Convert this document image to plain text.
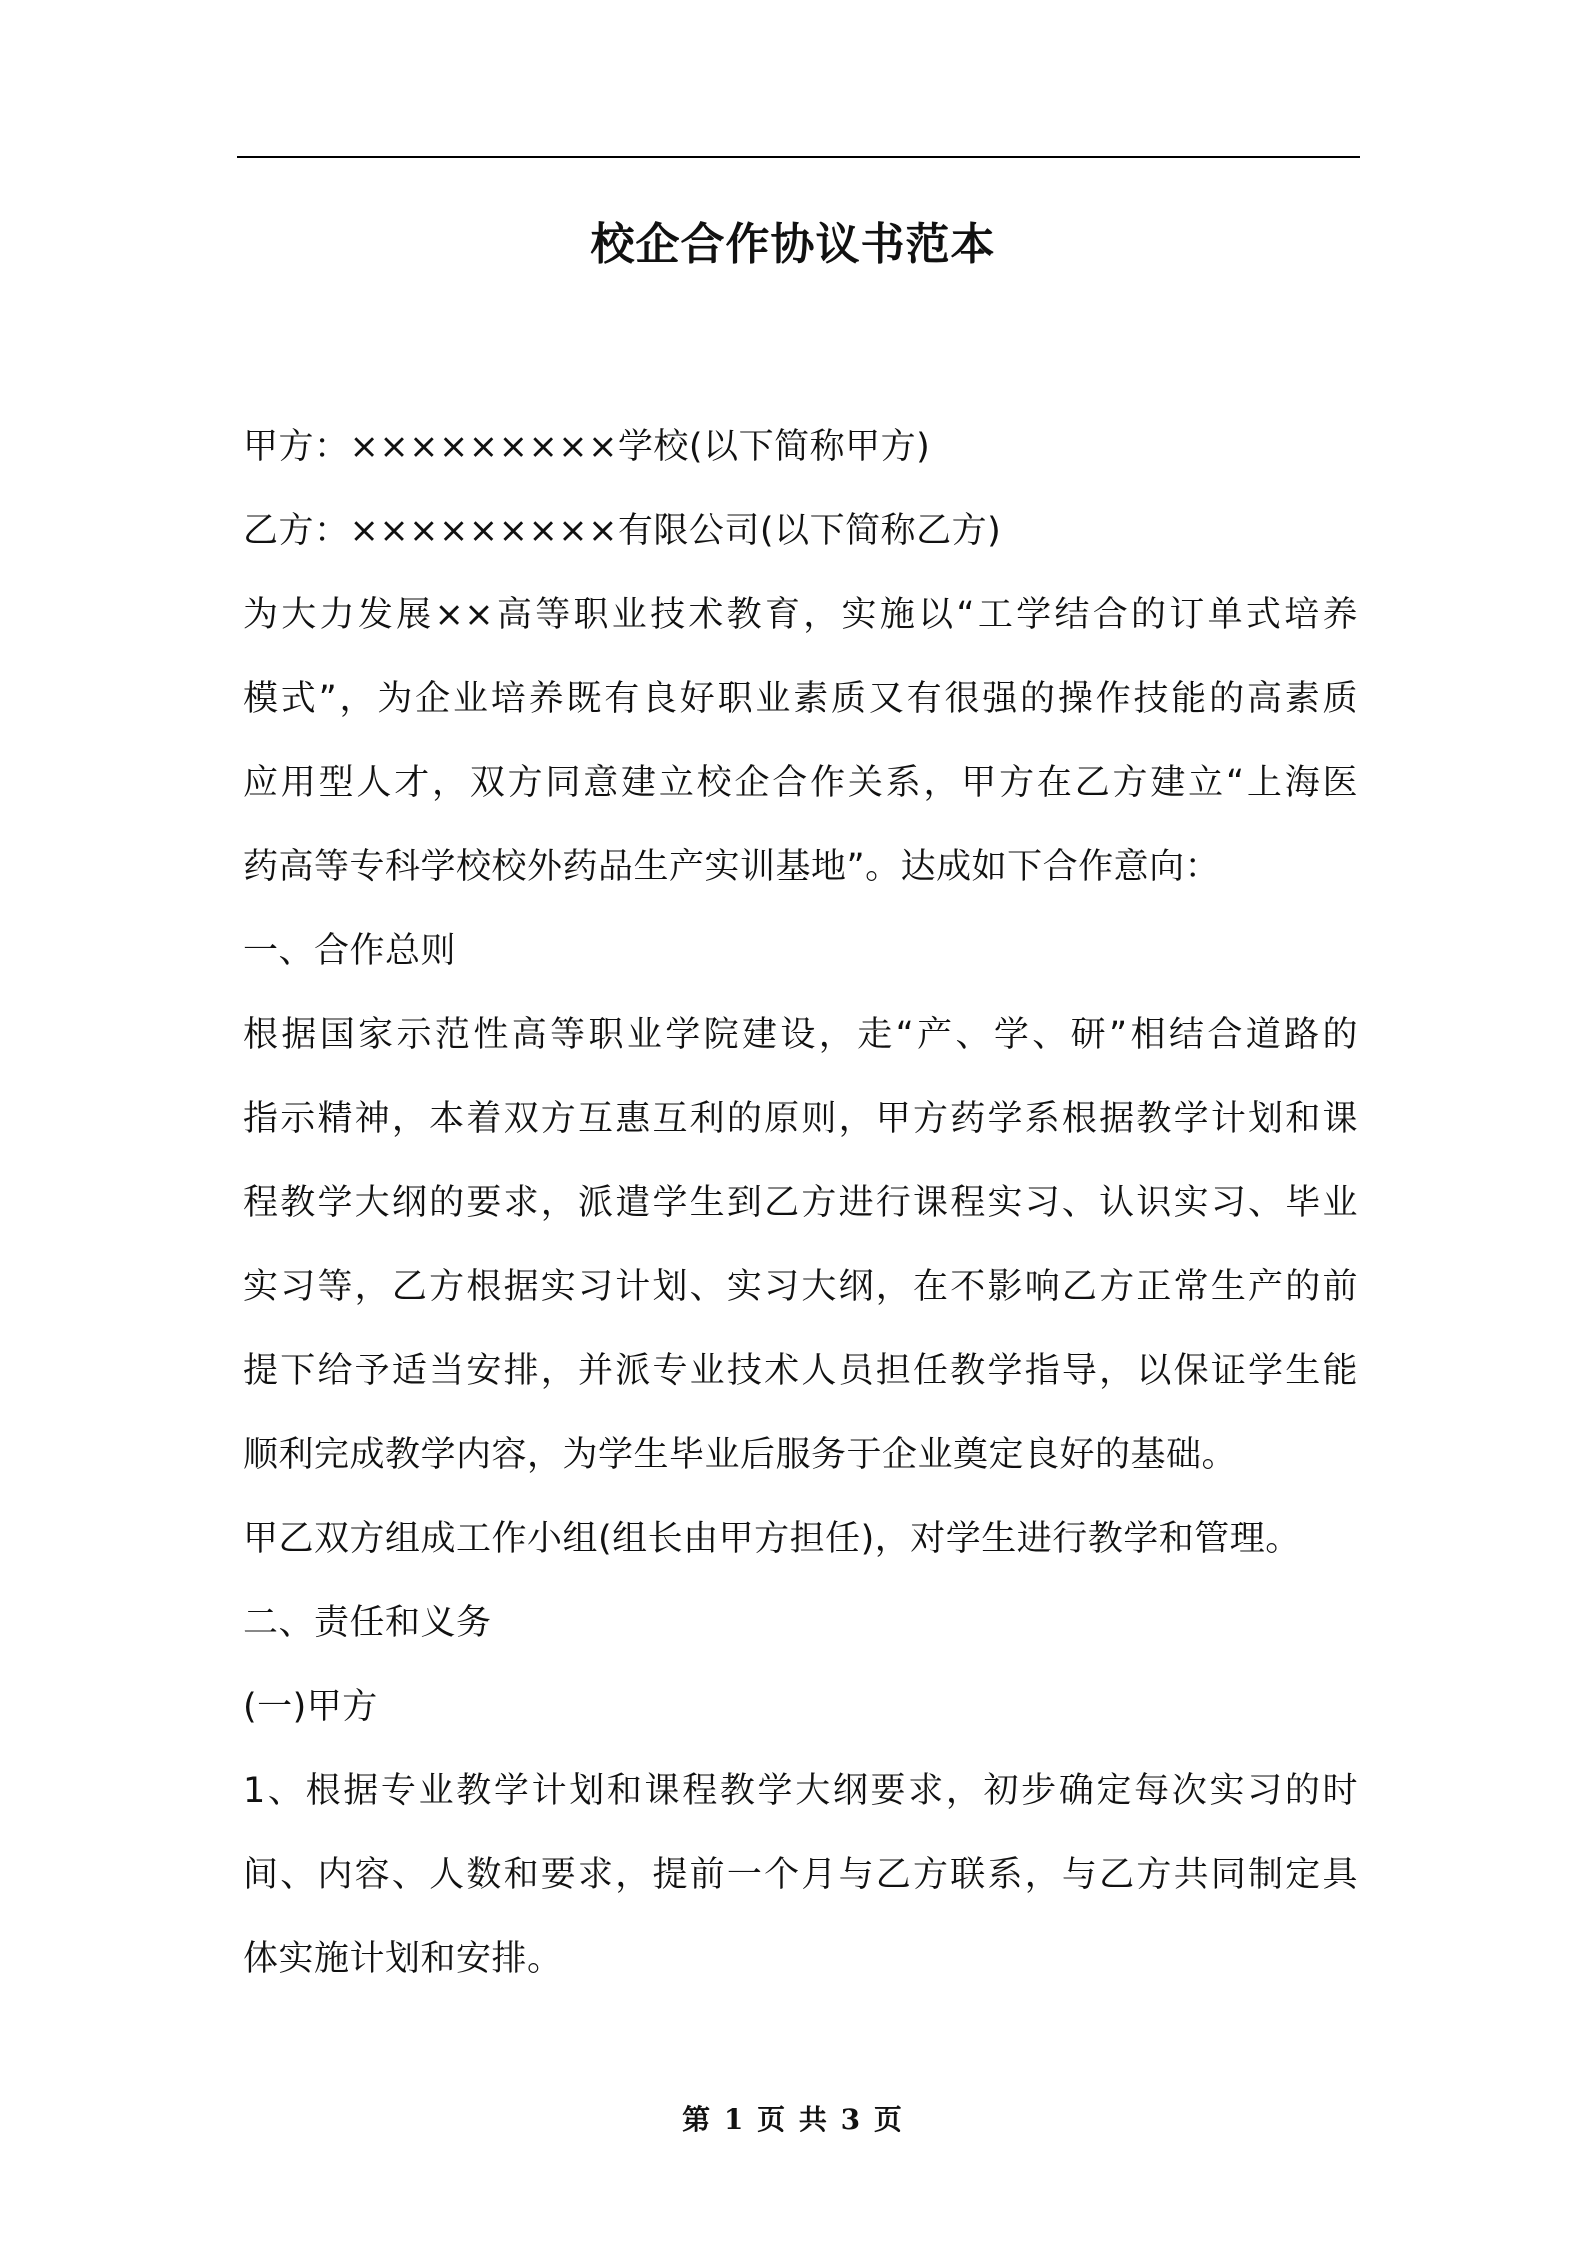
校企合作协议书范本
甲方：×××××××××学校(以下简称甲方)
乙方：×××××××××有限公司(以下简称乙方)
为大力发展××高等职业技术教育，实施以“工学结合的订单式培养
模式”，为企业培养既有良好职业素质又有很强的操作技能的高素质
应用型人才，双方同意建立校企合作关系，甲方在乙方建立“上海医
药高等专科学校校外药品生产实训基地”。达成如下合作意向：
一、合作总则
根据国家示范性高等职业学院建设，走“产、学、研”相结合道路的
指示精神，本着双方互惠互利的原则，甲方药学系根据教学计划和课
程教学大纲的要求，派遣学生到乙方进行课程实习、认识实习、毕业
实习等，乙方根据实习计划、实习大纲，在不影响乙方正常生产的前
提下给予适当安排，并派专业技术人员担任教学指导，以保证学生能
顺利完成教学内容，为学生毕业后服务于企业奠定良好的基础。
甲乙双方组成工作小组(组长由甲方担任)，对学生进行教学和管理。
二、责任和义务
(一)甲方
1、根据专业教学计划和课程教学大纲要求，初步确定每次实习的时
间、内容、人数和要求，提前一个月与乙方联系，与乙方共同制定具
体实施计划和安排。
第 1 页 共 3 页
